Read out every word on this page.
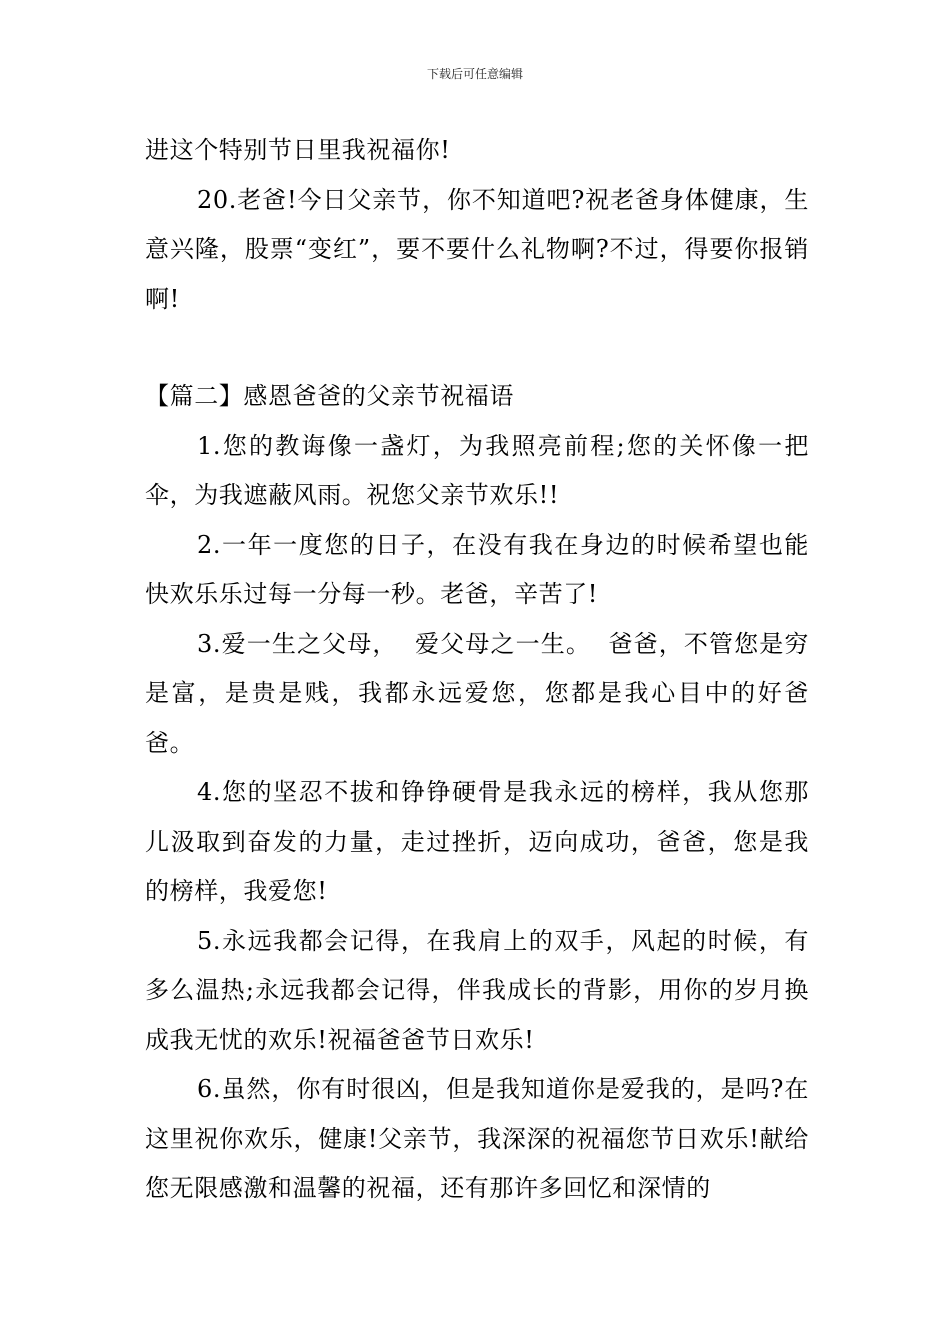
下载后可任意编辑

进这个特别节日里我祝福你!

20.老爸!今日父亲节，你不知道吧?祝老爸身体健康，生意兴隆，股票“变红”，要不要什么礼物啊?不过，得要你报销啊!

【篇二】感恩爸爸的父亲节祝福语

1.您的教诲像一盏灯，为我照亮前程;您的关怀像一把伞，为我遮蔽风雨。祝您父亲节欢乐!!

2.一年一度您的日子，在没有我在身边的时候希望也能快欢乐乐过每一分每一秒。老爸，辛苦了!

3.爱一生之父母，  爱父母之一生。  爸爸，不管您是穷是富，是贵是贱，我都永远爱您，您都是我心目中的好爸爸。

4.您的坚忍不拔和铮铮硬骨是我永远的榜样，我从您那儿汲取到奋发的力量，走过挫折，迈向成功，爸爸，您是我的榜样，我爱您!

5.永远我都会记得，在我肩上的双手，风起的时候，有多么温热;永远我都会记得，伴我成长的背影，用你的岁月换成我无忧的欢乐!祝福爸爸节日欢乐!

6.虽然，你有时很凶，但是我知道你是爱我的，是吗?在这里祝你欢乐，健康!父亲节，我深深的祝福您节日欢乐!献给您无限感激和温馨的祝福，还有那许多回忆和深情的
